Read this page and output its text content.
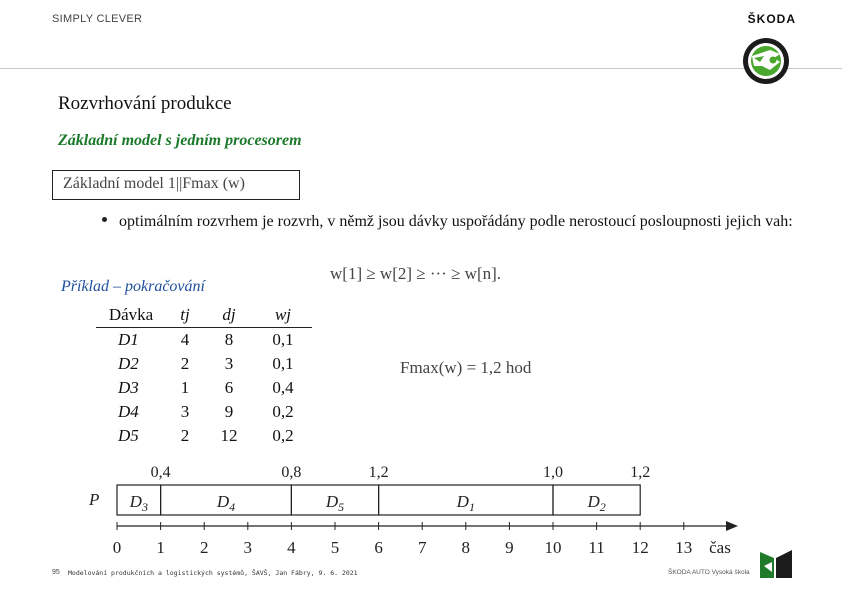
SIMPLY CLEVER	ŠKODA
Rozvrhování produkce
Základní model s jedním procesorem
Základní model 1||Fmax (w)
optimálním rozvrhem je rozvrh, v němž jsou dávky uspořádány podle nerostoucí posloupnosti jejich vah:
w[1] ≥ w[2] ≥ ··· ≥ w[n].
Příklad – pokračování
Dávka	tj	dj	wj
D1	4	8	0,1
D2	2	3	0,1
D3	1	6	0,4
D4	3	9	0,2
D5	2	12	0,2
Fmax(w) = 1,2 hod
P $D_3$
0,4
$D_4$
0,8
$D_5$
1,2
$D_1$
1,0
$D_2$
1,2
0 1 2 3 4 5 6 7 8 9 10 11 12 13 čas
95 Modelování produkčních a logistických systémů, ŠAVŠ, Jan Fábry, 9. 6. 2021	ŠKODA AUTO Vysoká škola
